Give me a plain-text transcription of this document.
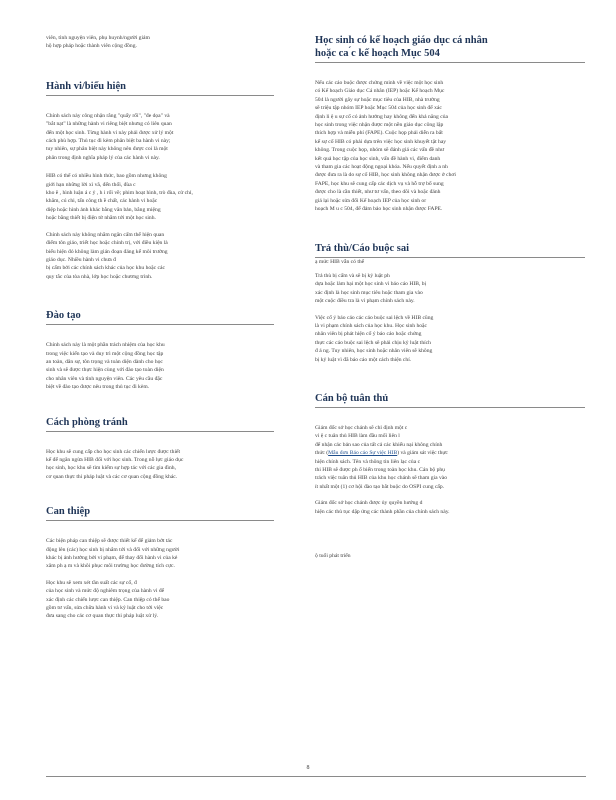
viên, tình nguyện viên, phụ huynh/người giám
hộ hợp pháp hoặc thành viên cộng đồng.

Hành vi/biểu hiện

Chính sách này công nhận rằng "quấy rối", "đe dọa" và
"bắt nạt" là những hành vi riêng biệt nhưng có liên quan
đến một học sinh. Từng hành vi này phải được xử lý một
cách phù hợp. Thủ tục đi kèm phân biệt ba hành vi này;
tuy nhiên, sự phân biệt này không nên được coi là một
phân trong định nghĩa pháp lý của các hành vi này.

HIB có thể có nhiều hình thức, bao gồm nhưng không
giới hạn những lời xì vã, đến thối, đùa c
kho ẽ , hình luận á c ỷ , h i rối về; phim hoạt hình, trò đùa, cử chỉ,
khăm, cú chi, tấn công th ề chất, các hành vi hoặc
diệp hoặc hình ảnh khác bằng văn bản, bằng miệng
hoặc bằng thiết bị điện tử nhằm tới một học sinh.

Chính sách này không nhằm ngăn cấm thể hiện quan
điểm tôn giáo, triết học hoặc chính trị, với điều kiện là
biểu hiện đó không làm gián đoạn đáng kể môi trường
giáo dục. Nhiều hành vi chưa đ
bị cấm bởi các chính sách khác của học khu hoặc các
quy tắc của tòa nhà, lớp học hoặc chương trình.

Đào tạo

Chính sách này là một phần trách nhiệm của học khu
trong việc kiến tạo và duy trì một cộng đồng học tập
an toàn, dân sự, tôn trọng và toàn diện dành cho học
sinh và sẽ được thực hiện cùng với đào tạo toàn diện
cho nhân viên và tình nguyện viên. Các yêu cầu đặc
biệt về đào tạo được nêu trong thủ tục đi kèm.

Cách phòng tránh

Học khu sẽ cung cấp cho học sinh các chiến lược được thiết
kế để ngăn ngừa HIB đối với học sinh. Trong nỗ lực giáo dục
học sinh, học khu sẽ tìm kiếm sự hợp tác với các gia đình,
cơ quan thực thi pháp luật và các cơ quan cộng đồng khác.

Can thiệp

Các biện pháp can thiệp sẽ được thiết kế để giảm bớt tác
động lên (các) học sinh bị nhắm tới và đối với những người
khác bị ảnh hưởng bởi vi phạm, để thay đổi hành vi của kẻ
xâm ph ạ m và khôi phục môi trường học đường tích cực.

Học khu sẽ xem xét tần suất các sự cố, đ
của học sinh và mức độ nghiêm trọng của hành vi để
xác định các chiến lược can thiệp. Can thiệp có thể bao
gồm tư vấn, sửa chữa hành vi và kỷ luật cho tới việc
đưa sang cho các cơ quan thực thi pháp luật xử lý.

Học sinh có kế hoạch giáo dục cá nhân
hoặc ca ́c kế hoạch Mục 504

Nếu các cáo buộc được chứng minh về việc một học sinh
có Kế hoạch Giáo dục Cá nhân (IEP) hoặc Kế hoạch Mục
504 là người gây sự hoặc mục tiêu của HIB, nhà trường
sẽ triệu tập nhóm IEP hoặc Mục 504 của học sinh để xác
định li ệ u sự cố có ảnh hưởng hay không đến khả năng của
học sinh trong việc nhận được một nền giáo dục công lập
thích hợp và miễn phí (FAPE). Cuộc họp phải diễn ra bất
kể sự cố HIB có phải dựa trên việc học sinh khuyết tật hay
không. Trong cuộc họp, nhóm sẽ đánh giá các vấn đề như
kết quả học tập của học sinh, vấn đề hành vi, điểm danh
và tham gia các hoạt động ngoại khóa. Nếu quyết định a nh
được đưa ra là do sự cố HIB, học sinh không nhận được ở chơi
FAPE, học khu sẽ cung cấp các dịch vụ và hỗ trợ bổ sung
được cho là cần thiết, như tư vấn, theo dõi và hoặc đánh
giá lại hoặc sửa đổi Kế hoạch IEP của học sinh or
hoạch M u c 504, để đảm bảo học sinh nhận được FAPE.

Trả thù/Cáo buộc sai

ạ mức HIB vẫn có thể

Trả thù bị cấm và sẽ bị kỷ luật ph
dựa hoặc làm hại một học sinh vì báo cáo HIB, bị
xác định là học sinh mục tiêu hoặc tham gia vào
một cuộc điều tra là vi phạm chính sách này.

Việc cố ý báo cáo các cáo buộc sai lệch về HIB cũng
là vi phạm chính sách của học khu. Học sinh hoặc
nhân viên bị phát hiện cố ý báo cáo hoặc chứng
thực các cáo buộc sai lệch sẽ phải chịu kỷ luật thích
đ á ng. Tuy nhiên, học sinh hoặc nhân viên sẽ không
bị kỷ luật vì đã báo cáo một cách thiện chí.

Cán bộ tuân thủ

Giám đốc sở học chánh sẽ chỉ định một c
vi ệ c tuân thủ HIB làm đầu mối liên l
để nhận các bản sao của tất cả các khiếu nại không chính
thức (Mẫu đơn Báo cáo Sự việc HIB) và giám sát việc thực
hiện chính sách. Tên và thông tin liên lạc của c
thi HIB sẽ được ph ổ biến trong toàn học khu. Cán bộ phụ
trách việc tuân thủ HIB của khu học chánh sẽ tham gia vào
ít nhất một (1) cơ hội đào tạo bắt buộc do OSPI cung cấp.

Giám đốc sở học chánh được ủy quyền hướng d
hiện các thủ tục dặp ứng các thành phần của chính sách này.

ộ tuổi phát triển

8
